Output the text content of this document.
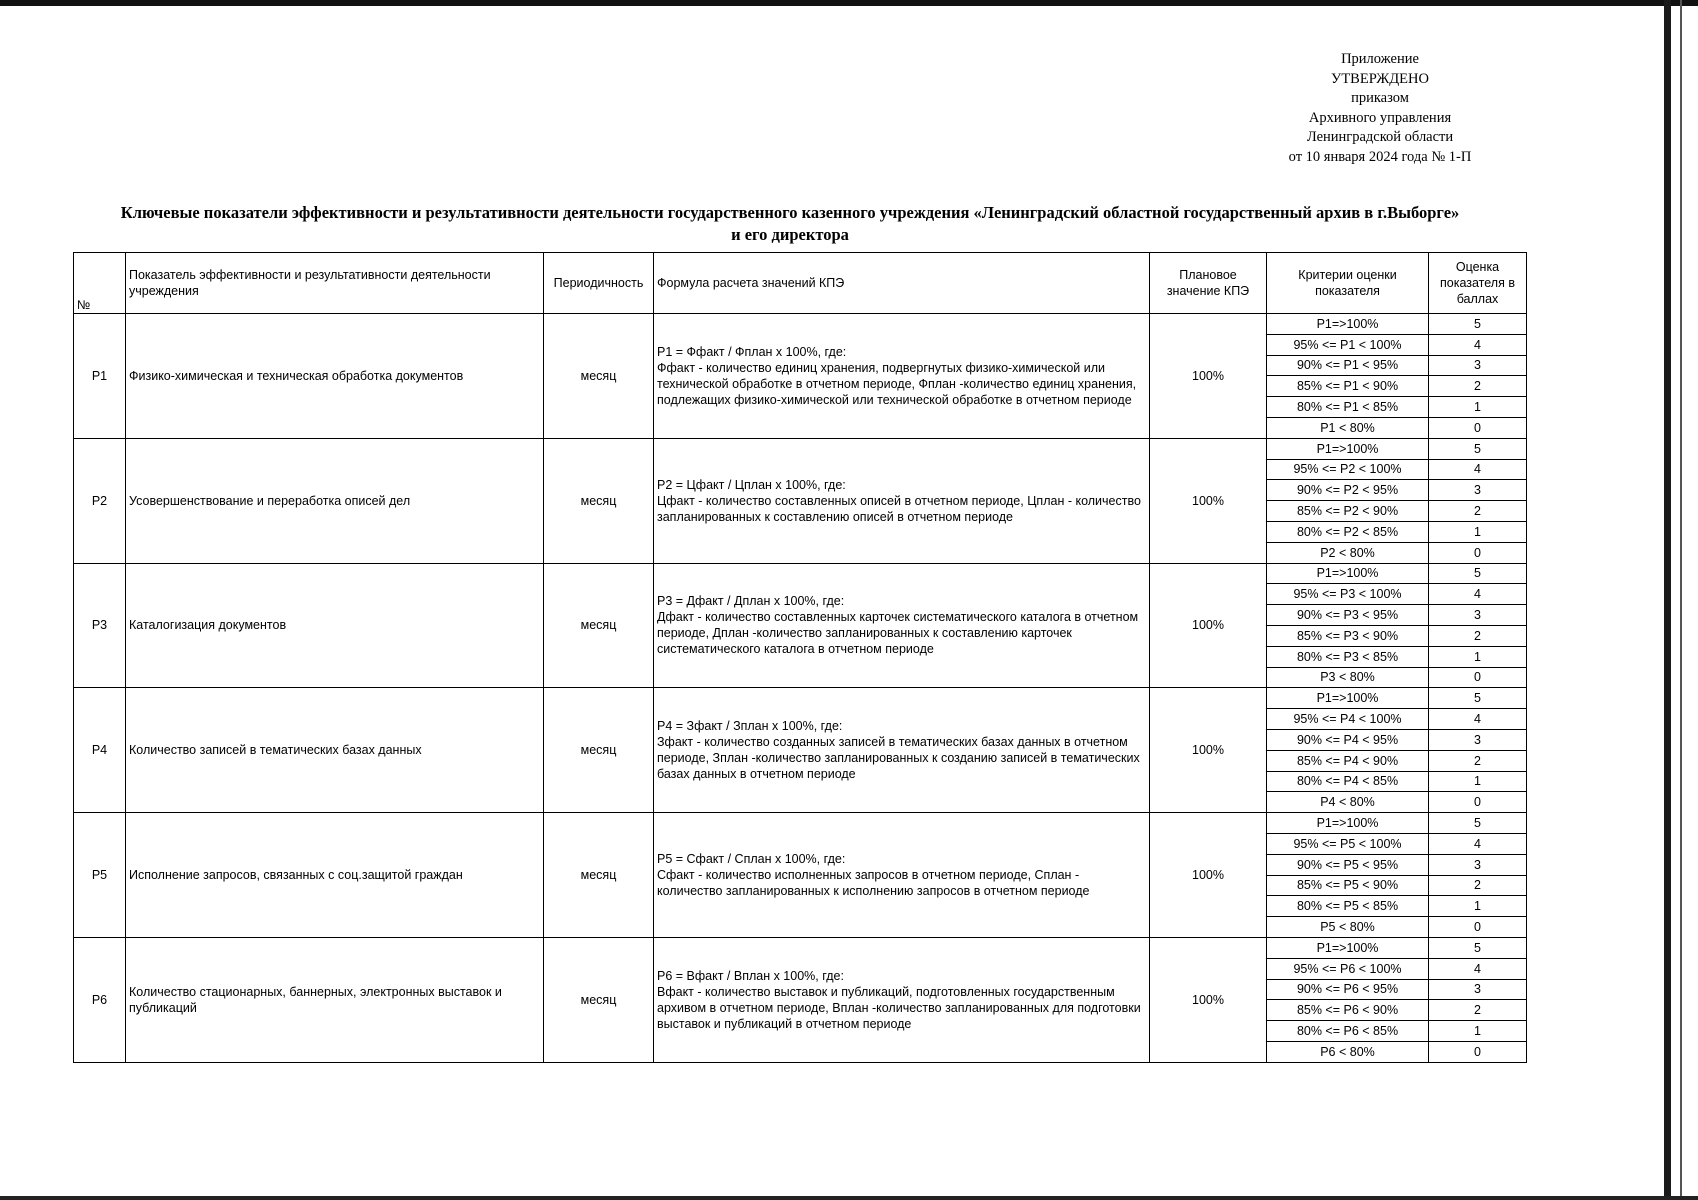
Приложение
УТВЕРЖДЕНО
приказом
Архивного управления
Ленинградской области
от 10 января 2024 года № 1-П
Ключевые показатели эффективности и результативности деятельности государственного казенного учреждения «Ленинградский областной государственный архив в г.Выборге»
и его директора
№	Показатель эффективности и результативности деятельности учреждения	Периодичность	Формула расчета значений КПЭ	Плановое значение КПЭ	Критерии оценки показателя	Оценка показателя в баллах
Р1	Физико-химическая и техническая обработка документов	месяц	Р1 = Ффакт / Фплан х 100%, где:
Ффакт - количество единиц хранения, подвергнутых физико-химической или технической обработке в отчетном периоде, Фплан -количество единиц хранения, подлежащих физико-химической или технической обработке в отчетном периоде	100%	Р1=>100%	5
					95% <= Р1 < 100%	4
					90% <= Р1 < 95%	3
					85% <= Р1 < 90%	2
					80% <= Р1 < 85%	1
					Р1 < 80%	0
Р2	Усовершенствование и переработка описей дел	месяц	Р2 = Цфакт / Цплан х 100%, где:
Цфакт - количество составленных описей в отчетном периоде, Цплан - количество запланированных к составлению описей в отчетном периоде	100%	Р1=>100%	5
					95% <= Р2 < 100%	4
					90% <= Р2 < 95%	3
					85% <= Р2 < 90%	2
					80% <= Р2 < 85%	1
					Р2 < 80%	0
Р3	Каталогизация документов	месяц	Р3 = Дфакт / Дплан х 100%, где:
Дфакт - количество составленных карточек систематического каталога в отчетном периоде, Дплан -количество запланированных к составлению карточек систематического каталога в отчетном периоде	100%	Р1=>100%	5
					95% <= Р3 < 100%	4
					90% <= Р3 < 95%	3
					85% <= Р3 < 90%	2
					80% <= Р3 < 85%	1
					Р3 < 80%	0
Р4	Количество записей в тематических базах данных	месяц	Р4 = Зфакт / Зплан х 100%, где:
Зфакт - количество созданных записей в тематических базах данных в отчетном периоде, Зплан -количество запланированных к созданию записей в тематических базах данных в отчетном периоде	100%	Р1=>100%	5
					95% <= Р4 < 100%	4
					90% <= Р4 < 95%	3
					85% <= Р4 < 90%	2
					80% <= Р4 < 85%	1
					Р4 < 80%	0
Р5	Исполнение запросов, связанных с соц.защитой граждан	месяц	Р5 = Сфакт / Сплан х 100%, где:
Сфакт - количество исполненных запросов в отчетном периоде, Сплан - количество запланированных к исполнению запросов в отчетном периоде	100%	Р1=>100%	5
					95% <= Р5 < 100%	4
					90% <= Р5 < 95%	3
					85% <= Р5 < 90%	2
					80% <= Р5 < 85%	1
					Р5 < 80%	0
Р6	Количество стационарных, баннерных, электронных выставок и публикаций	месяц	Р6 = Вфакт / Вплан х 100%, где:
Вфакт - количество выставок и публикаций, подготовленных государственным архивом в отчетном периоде, Вплан -количество запланированных для подготовки выставок и публикаций в отчетном периоде	100%	Р1=>100%	5
					95% <= Р6 < 100%	4
					90% <= Р6 < 95%	3
					85% <= Р6 < 90%	2
					80% <= Р6 < 85%	1
					Р6 < 80%	0
